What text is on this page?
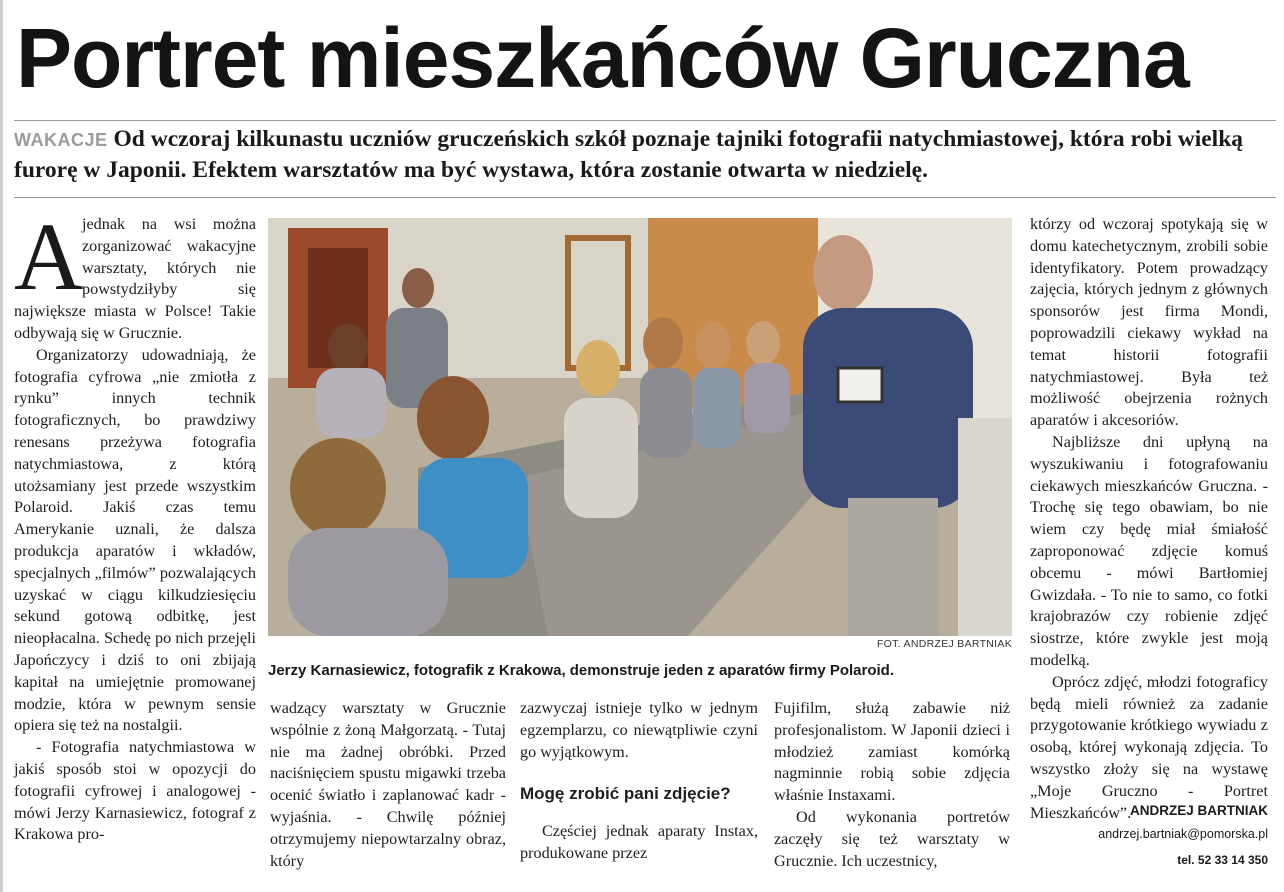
Portret mieszkańców Gruczna
WAKACJE Od wczoraj kilkunastu uczniów gruczeńskich szkół poznaje tajniki fotografii natychmiastowej, która robi wielką furorę w Japonii. Efektem warsztatów ma być wystawa, która zostanie otwarta w niedzielę.
A

jednak na wsi można zorganizować wakacyjne warsztaty, których nie powstydziłyby się największe miasta w Polsce! Takie odbywają się w Grucznie.

Organizatorzy udowadniają, że fotografia cyfrowa „nie zmiotła z rynku” innych technik fotograficznych, bo prawdziwy renesans przeżywa fotografia natychmiastowa, z którą utożsamiany jest przede wszystkim Polaroid. Jakiś czas temu Amerykanie uznali, że dalsza produkcja aparatów i wkładów, specjalnych „filmów” pozwalających uzyskać w ciągu kilkudziesięciu sekund gotową odbitkę, jest nieopłacalna. Schedę po nich przejęli Japończycy i dziś to oni zbijają kapitał na umiejętnie promowanej modzie, która w pewnym sensie opiera się też na nostalgii.

- Fotografia natychmiastowa w jakiś sposób stoi w opozycji do fotografii cyfrowej i analogowej - mówi Jerzy Karnasiewicz, fotograf z Krakowa pro-

FOT. ANDRZEJ BARTNIAK
Jerzy Karnasiewicz, fotografik z Krakowa, demonstruje jeden z aparatów firmy Polaroid.

wadzący warsztaty w Grucznie wspólnie z żoną Małgorzatą. - Tutaj nie ma żadnej obróbki. Przed naciśnięciem spustu migawki trzeba ocenić światło i zaplanować kadr - wyjaśnia. - Chwilę później otrzymujemy niepowtarzalny obraz, który

zazwyczaj istnieje tylko w jednym egzemplarzu, co niewątpliwie czyni go wyjątkowym.

Mogę zrobić pani zdjęcie?

Częściej jednak aparaty Instax, produkowane przez

Fujifilm, służą zabawie niż profesjonalistom. W Japonii dzieci i młodzież zamiast komórką nagminnie robią sobie zdjęcia właśnie Instaxami.

Od wykonania portretów zaczęły się też warsztaty w Grucznie. Ich uczestnicy,

którzy od wczoraj spotykają się w domu katechetycznym, zrobili sobie identyfikatory. Potem prowadzący zajęcia, których jednym z głównych sponsorów jest firma Mondi, poprowadzili ciekawy wykład na temat historii fotografii natychmiastowej. Była też możliwość obejrzenia rożnych aparatów i akcesoriów.

Najbliższe dni upłyną na wyszukiwaniu i fotografowaniu ciekawych mieszkańców Gruczna. - Trochę się tego obawiam, bo nie wiem czy będę miał śmiałość zaproponować zdjęcie komuś obcemu - mówi Bartłomiej Gwizdała. - To nie to samo, co fotki krajobrazów czy robienie zdjęć siostrze, które zwykle jest moją modelką.

Oprócz zdjęć, młodzi fotograficy będą mieli również za zadanie przygotowanie krótkiego wywiadu z osobą, której wykonają zdjęcia. To wszystko złoży się na wystawę „Moje Gruczno - Portret Mieszkańców”.

ANDRZEJ BARTNIAK
andrzej.bartniak@pomorska.pl
tel. 52 33 14 350
